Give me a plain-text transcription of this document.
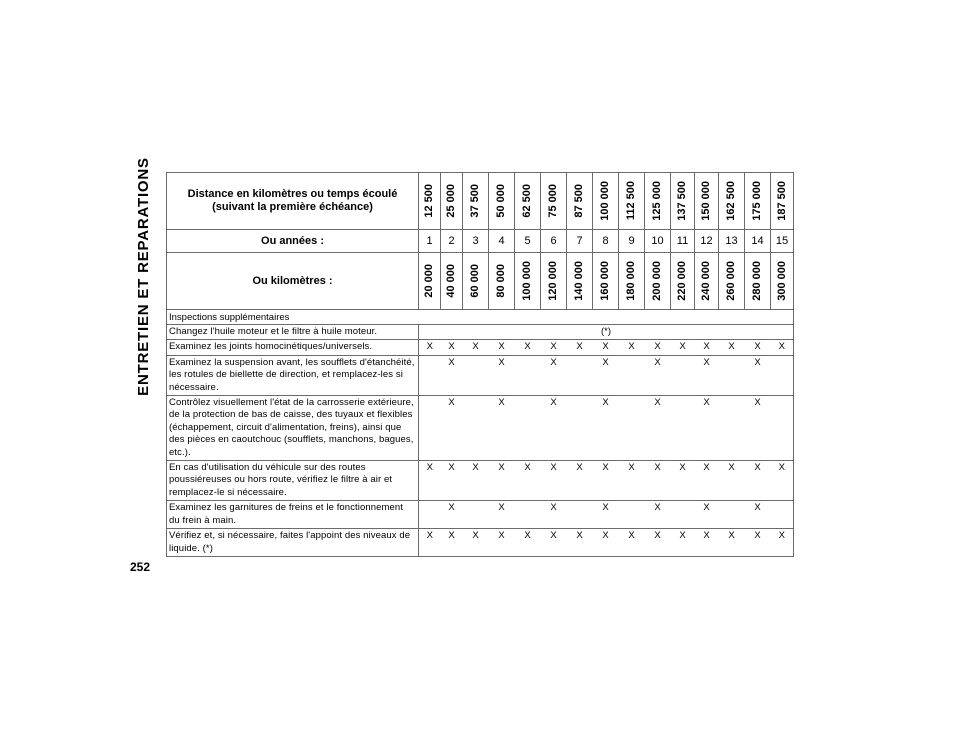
ENTRETIEN ET REPARATIONS
252
Distance en kilomètres ou temps écoulé (suivant la première échéance)	12 500	25 000	37 500	50 000	62 500	75 000	87 500	100 000	112 500	125 000	137 500	150 000	162 500	175 000	187 500

Ou années :	1	2	3	4	5	6	7	8	9	10	11	12	13	14	15
Ou kilomètres :	20 000	40 000	60 000	80 000	100 000	120 000	140 000	160 000	180 000	200 000	220 000	240 000	260 000	280 000	300 000

Inspections supplémentaires															
Changez l'huile moteur et le filtre à huile moteur.	(*)														
Examinez les joints homocinétiques/universels.	X	X	X	X	X	X	X	X	X	X	X	X	X	X	X
Examinez la suspension avant, les soufflets d'étanchéité, les rotules de biellette de direction, et remplacez-les si nécessaire.		X		X		X		X		X		X		X	
Contrôlez visuellement l'état de la carrosserie extérieure, de la protection de bas de caisse, des tuyaux et flexibles (échappement, circuit d'alimentation, freins), ainsi que des pièces en caoutchouc (soufflets, manchons, bagues, etc.).		X		X		X		X		X		X		X	
En cas d'utilisation du véhicule sur des routes poussiéreuses ou hors route, vérifiez le filtre à air et remplacez-le si nécessaire.	X	X	X	X	X	X	X	X	X	X	X	X	X	X	X
Examinez les garnitures de freins et le fonctionnement du frein à main.		X		X		X		X		X		X		X	
Vérifiez et, si nécessaire, faites l'appoint des niveaux de liquide. (*)	X	X	X	X	X	X	X	X	X	X	X	X	X	X	X
